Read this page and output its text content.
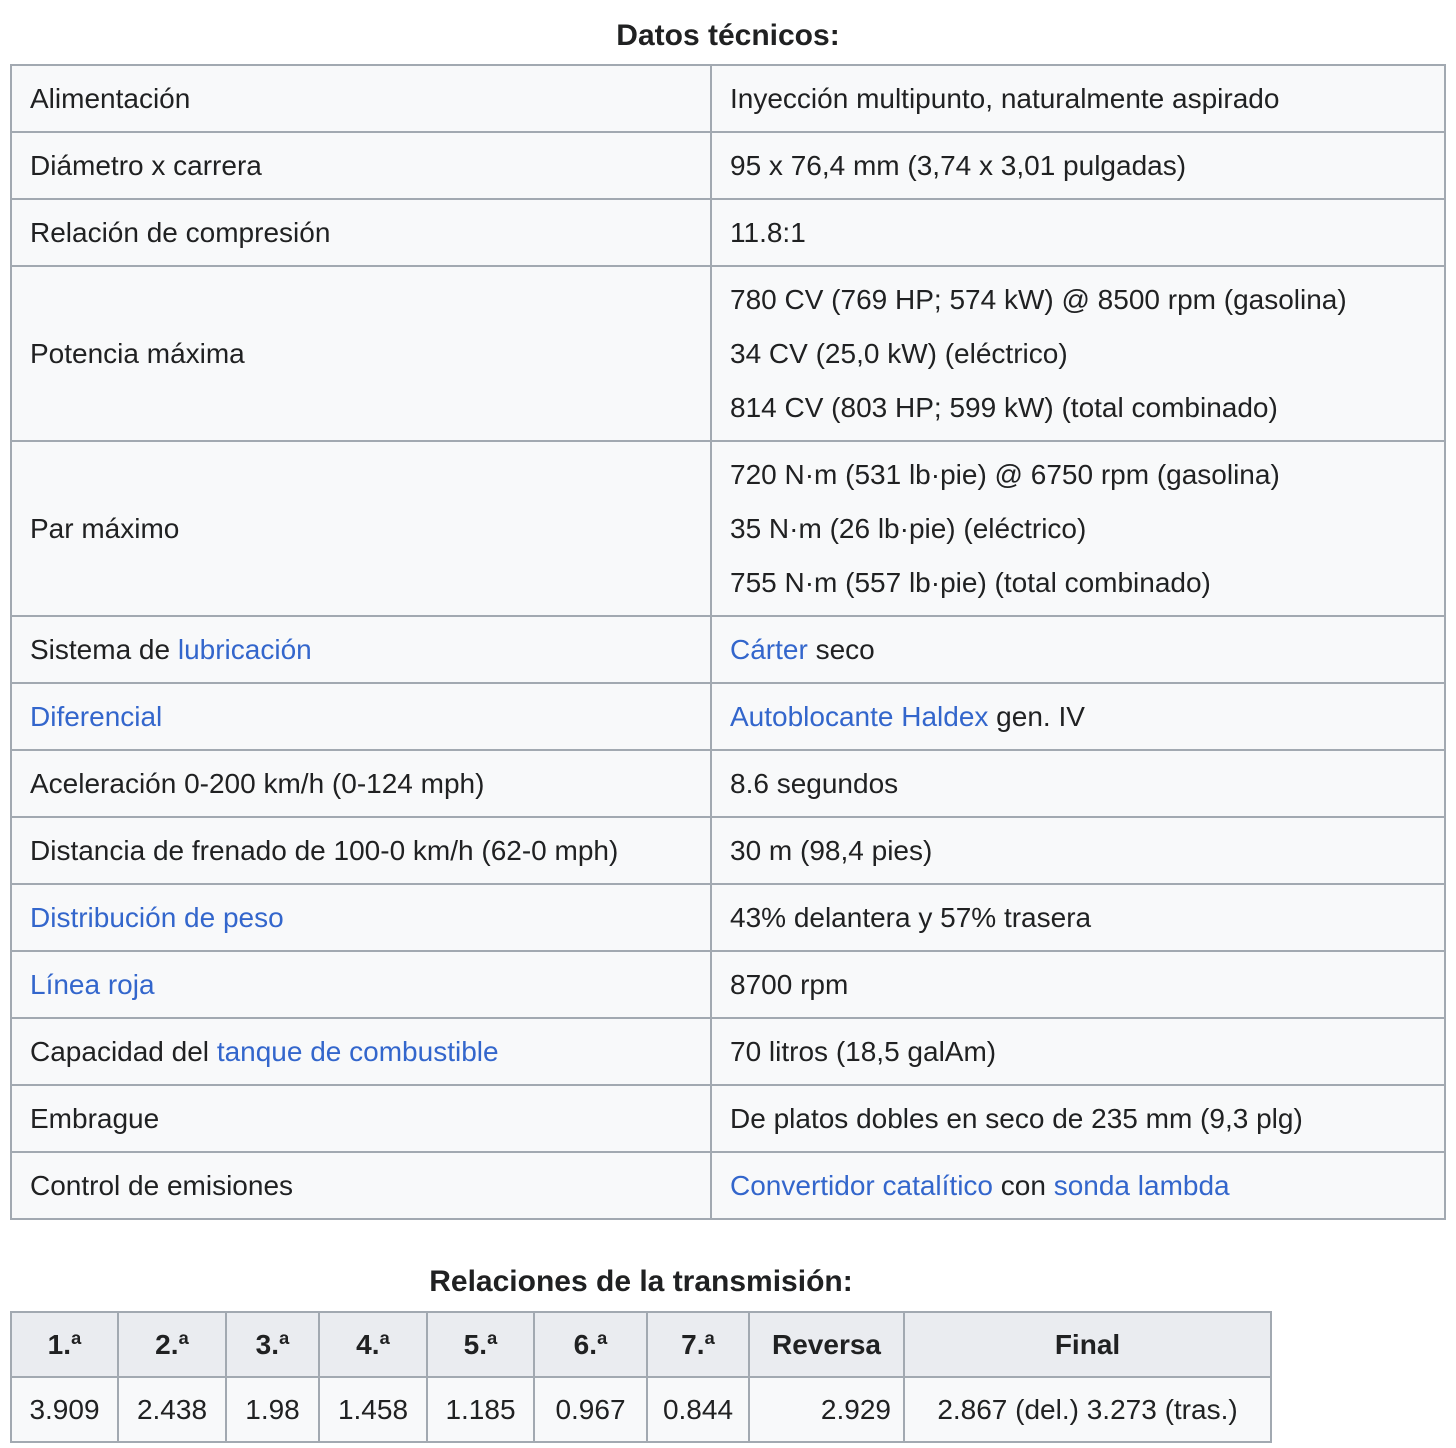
Datos técnicos:
Alimentación	Inyección multipunto, naturalmente aspirado

Diámetro x carrera	95 x 76,4 mm (3,74 x 3,01 pulgadas)

Relación de compresión	11.8:1

Potencia máxima	780 CV (769 HP; 574 kW) @ 8500 rpm (gasolina)
34 CV (25,0 kW) (eléctrico)
814 CV (803 HP; 599 kW) (total combinado)

Par máximo	720 N·m (531 lb·pie) @ 6750 rpm (gasolina)
35 N·m (26 lb·pie) (eléctrico)
755 N·m (557 lb·pie) (total combinado)

Sistema de lubricación	Cárter seco

Diferencial	Autoblocante Haldex gen. IV

Aceleración 0-200 km/h (0-124 mph)	8.6 segundos

Distancia de frenado de 100-0 km/h (62-0 mph)	30 m (98,4 pies)

Distribución de peso	43% delantera y 57% trasera

Línea roja	8700 rpm

Capacidad del tanque de combustible	70 litros (18,5 galAm)

Embrague	De platos dobles en seco de 235 mm (9,3 plg)

Control de emisiones	Convertidor catalítico con sonda lambda
Relaciones de la transmisión:
1.ª	2.ª	3.ª	4.ª	5.ª	6.ª	7.ª	Reversa	Final
3.909	2.438	1.98	1.458	1.185	0.967	0.844	2.929	2.867 (del.) 3.273 (tras.)
